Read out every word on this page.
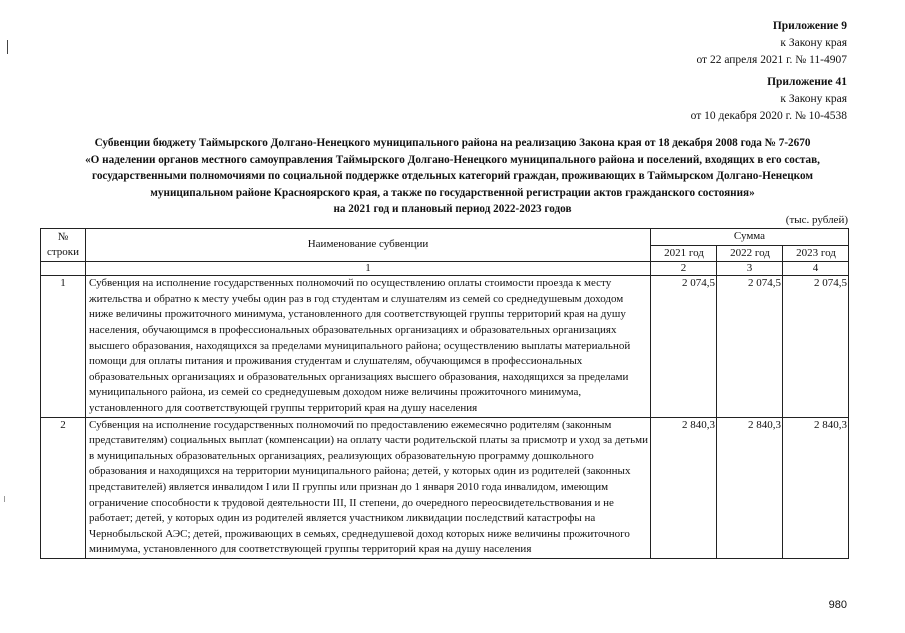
Приложение 9
к Закону края
от 22 апреля 2021 г. № 11-4907
Приложение 41
к Закону края
от 10 декабря 2020 г. № 10-4538
Субвенции бюджету Таймырского Долгано-Ненецкого муниципального района на реализацию Закона края от 18 декабря 2008 года № 7-2670
«О наделении органов местного самоуправления Таймырского Долгано-Ненецкого муниципального района и поселений, входящих в его состав,
государственными полномочиями по социальной поддержке отдельных категорий граждан, проживающих в Таймырском Долгано-Ненецком
муниципальном районе Красноярского края, а также по государственной регистрации актов гражданского состояния»
на 2021 год и плановый период 2022-2023 годов
(тыс. рублей)
№ строки	Наименование субвенции	Сумма		
		2021 год	2022 год	2023 год
	1	2	3	4
1	Субвенция на исполнение государственных полномочий по осуществлению оплаты стоимости проезда к месту жительства и обратно к месту учебы один раз в год студентам и слушателям из семей со среднедушевым доходом ниже величины прожиточного минимума, установленного для соответствующей группы территорий края на душу населения, обучающимся в профессиональных образовательных организациях и образовательных организациях высшего образования, находящихся за пределами муниципального района; осуществлению выплаты материальной помощи для оплаты питания и проживания студентам и слушателям, обучающимся в профессиональных образовательных организациях и образовательных организациях высшего образования, находящихся за пределами муниципального района, из семей со среднедушевым доходом ниже величины прожиточного минимума, установленного для соответствующей группы территорий края на душу населения	2 074,5	2 074,5	2 074,5
2	Субвенция на исполнение государственных полномочий по предоставлению ежемесячно родителям (законным представителям) социальных выплат (компенсации) на оплату части родительской платы за присмотр и уход за детьми в муниципальных образовательных организациях, реализующих образовательную программу дошкольного образования и находящихся на территории муниципального района; детей, у которых один из родителей (законных представителей) является инвалидом I или II группы или признан до 1 января 2010 года инвалидом, имеющим ограничение способности к трудовой деятельности III, II степени, до очередного переосвидетельствования и не работает; детей, у которых один из родителей является участником ликвидации последствий катастрофы на Чернобыльской АЭС; детей, проживающих в семьях, среднедушевой доход которых ниже величины прожиточного минимума, установленного для соответствующей группы территорий края на душу населения	2 840,3	2 840,3	2 840,3
980
